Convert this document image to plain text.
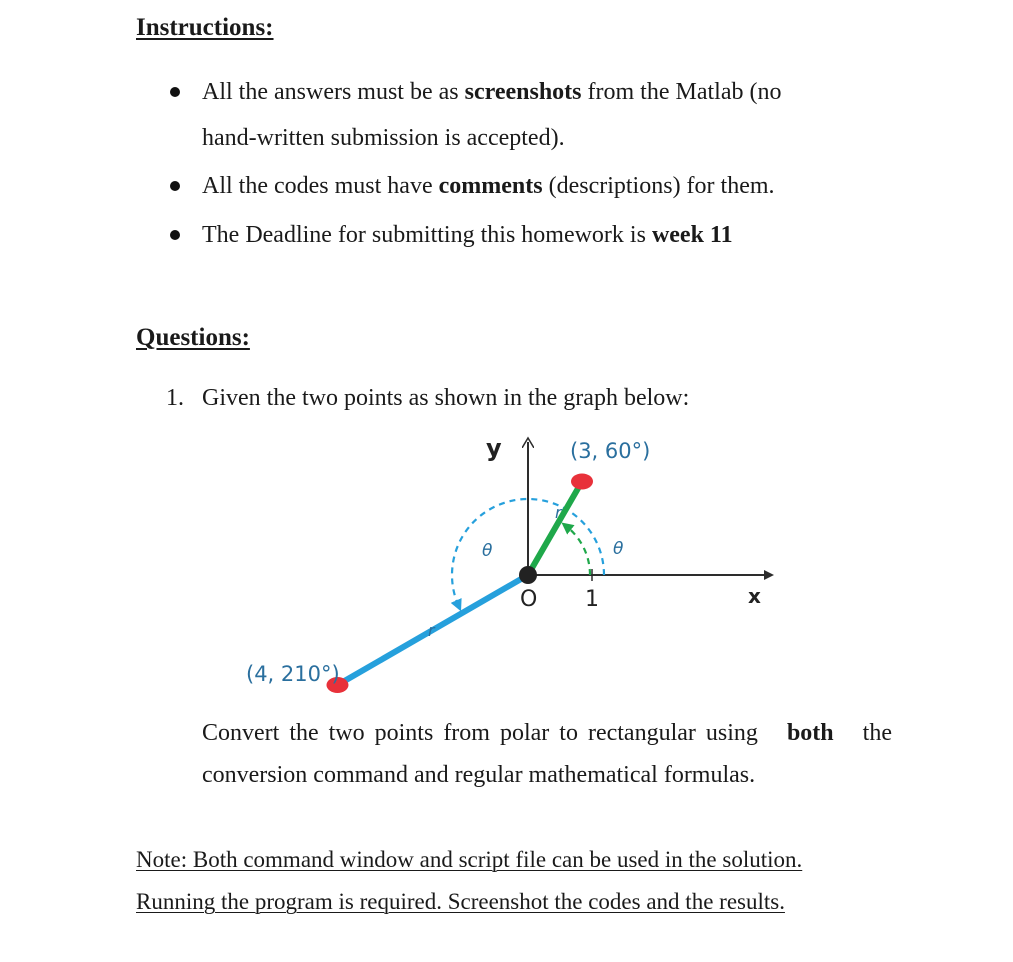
Instructions:
All the answers must be as screenshots from the Matlab (no
hand-written submission is accepted).
All the codes must have comments (descriptions) for them.
The Deadline for submitting this homework is week 11
Questions:
1. Given the two points as shown in the graph below:
y
x
O 1
θ
θ
r
r
(3, 60°)
(4, 210°)
Convert the two points from polar to rectangular using both the
conversion command and regular mathematical formulas.
Note: Both command window and script file can be used in the solution.
Running the program is required. Screenshot the codes and the results.
